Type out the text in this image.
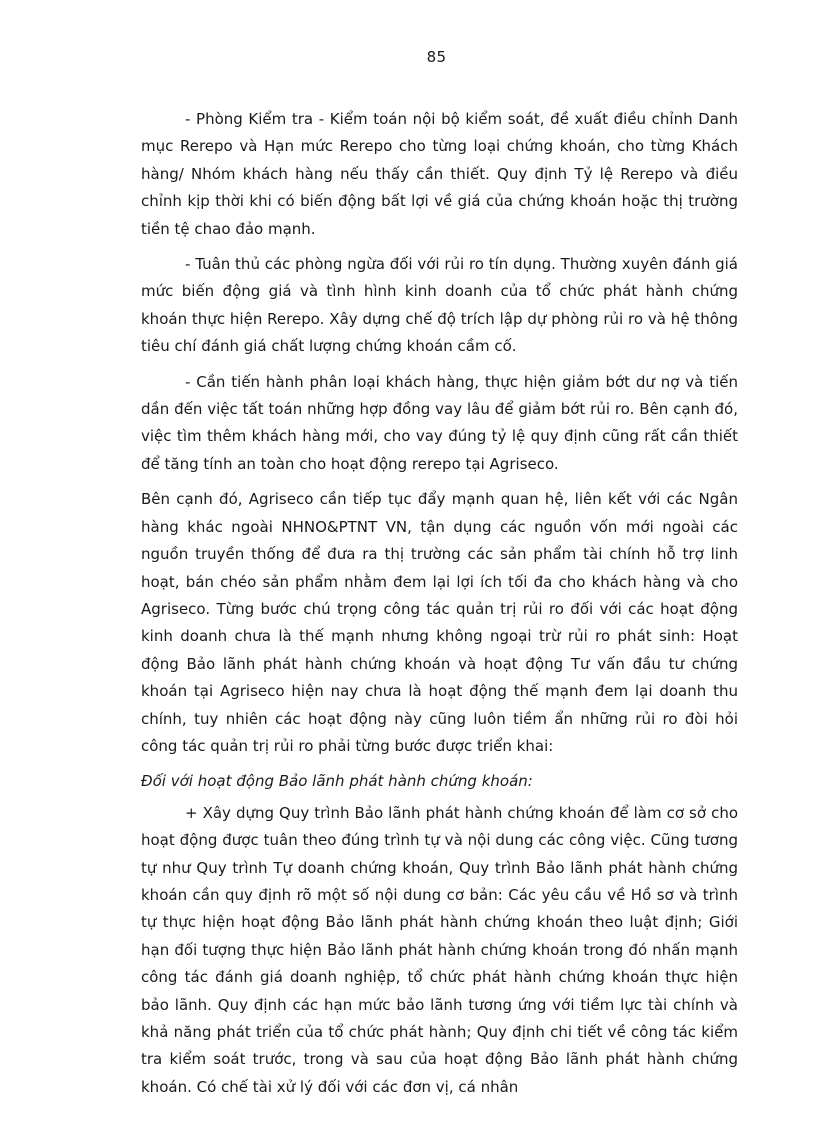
85

- Phòng Kiểm tra - Kiểm toán nội bộ kiểm soát, đề xuất điều chỉnh Danh mục Rerepo và Hạn mức Rerepo cho từng loại chứng khoán, cho từng Khách hàng/ Nhóm khách hàng nếu thấy cần thiết. Quy định Tỷ lệ Rerepo và điều chỉnh kịp thời khi có biến động bất lợi về giá của chứng khoán hoặc thị trường tiền tệ chao đảo mạnh.

- Tuân thủ các phòng ngừa đối với rủi ro tín dụng. Thường xuyên đánh giá mức biến động giá và tình hình kinh doanh của tổ chức phát hành chứng khoán thực hiện Rerepo. Xây dựng chế độ trích lập dự phòng rủi ro và hệ thông tiêu chí đánh giá chất lượng chứng khoán cầm cố.

- Cần tiến hành phân loại khách hàng, thực hiện giảm bớt dư nợ và tiến dần đến việc tất toán những hợp đồng vay lâu để giảm bớt rủi ro. Bên cạnh đó, việc tìm thêm khách hàng mới, cho vay đúng tỷ lệ quy định cũng rất cần thiết để tăng tính an toàn cho hoạt động rerepo tại Agriseco.

Bên cạnh đó, Agriseco cần tiếp tục đẩy mạnh quan hệ, liên kết với các Ngân hàng khác ngoài NHNO&PTNT VN, tận dụng các nguồn vốn mới ngoài các nguồn truyền thống để đưa ra thị trường các sản phẩm tài chính hỗ trợ linh hoạt, bán chéo sản phẩm nhằm đem lại lợi ích tối đa cho khách hàng và cho Agriseco. Từng bước chú trọng công tác quản trị rủi ro đối với các hoạt động kinh doanh chưa là thế mạnh nhưng không ngoại trừ rủi ro phát sinh: Hoạt động Bảo lãnh phát hành chứng khoán và hoạt động Tư vấn đầu tư chứng khoán tại Agriseco hiện nay chưa là hoạt động thế mạnh đem lại doanh thu chính, tuy nhiên các hoạt động này cũng luôn tiềm ẩn những rủi ro đòi hỏi công tác quản trị rủi ro phải từng bước được triển khai:

Đối với hoạt động Bảo lãnh phát hành chứng khoán:

+ Xây dựng Quy trình Bảo lãnh phát hành chứng khoán để làm cơ sở cho hoạt động được tuân theo đúng trình tự và nội dung các công việc. Cũng tương tự như Quy trình Tự doanh chứng khoán, Quy trình Bảo lãnh phát hành chứng khoán cần quy định rõ một số nội dung cơ bản: Các yêu cầu về Hồ sơ và trình tự thực hiện hoạt động Bảo lãnh phát hành chứng khoán theo luật định; Giới hạn đối tượng thực hiện Bảo lãnh phát hành chứng khoán trong đó nhấn mạnh công tác đánh giá doanh nghiệp, tổ chức phát hành chứng khoán thực hiện bảo lãnh. Quy định các hạn mức bảo lãnh tương ứng với tiềm lực tài chính và khả năng phát triển của tổ chức phát hành; Quy định chi tiết về công tác kiểm tra kiểm soát trước, trong và sau của hoạt động Bảo lãnh phát hành chứng khoán. Có chế tài xử lý đối với các đơn vị, cá nhân
